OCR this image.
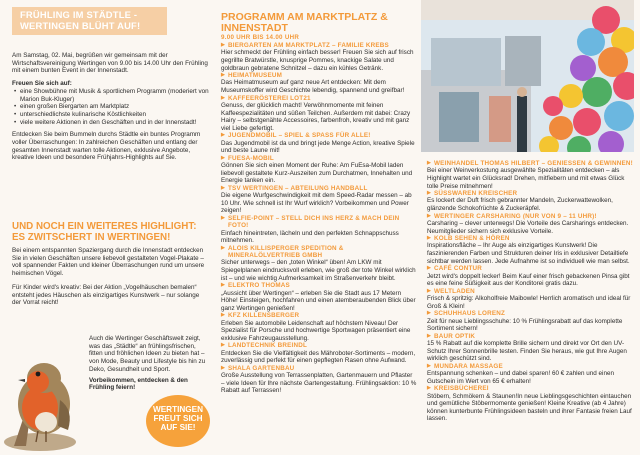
FRÜHLING IM STÄDTLE -
WERTINGEN BLÜHT AUF!
Am Samstag, 02. Mai, begrüßen wir gemeinsam mit der Wirtschaftsvereinigung Wertingen von 9.00 bis 14.00 Uhr den Frühling mit einem bunten Event in der Innenstadt.
Freuen Sie sich auf:
• eine Showbühne mit Musik & sportlichem Programm (moderiert von Marion Buk-Kluger)
• einen großen Biergarten am Marktplatz
• unterschiedlichste kulinarische Köstlichkeiten
• viele weitere Aktionen in den Geschäften und in der Innenstadt!
Entdecken Sie beim Bummeln durchs Städtle ein buntes Programm voller Überraschungen: In zahlreichen Geschäften und entlang der gesamten Innenstadt warten tolle Aktionen, exklusive Angebote, kreative Ideen und besondere Frühjahrs-Highlights auf Sie.
UND NOCH EIN WEITERES HIGHLIGHT:
ES ZWITSCHERT IN WERTINGEN!
Bei einem entspannten Spaziergang durch die Innenstadt entdecken Sie in vielen Geschäften unsere liebevoll gestalteten Vogel-Plakate – voll spannender Fakten und kleiner Überraschungen rund um unsere heimischen Vögel.
Für Kinder wird's kreativ: Bei der Aktion „Vogelhäuschen bemalen“ entsteht jedes Häuschen als einzigartiges Kunstwerk – nur solange der Vorrat reicht!
Auch die Wertinger Geschäftswelt zeigt, was das „Städtle“ an frühlingsfrischen, fitten und fröhlichen Ideen zu bieten hat – von Mode, Beauty und Lifestyle bis hin zu Deko, Gesundheit und Sport.
Vorbeikommen, entdecken & den Frühling feiern!
WERTINGEN
FREUT SICH
AUF SIE!
PROGRAMM AM MARKTPLATZ & INNENSTADT
9.00 UHR BIS 14.00 UHR
▶ BIERGARTEN AM MARKTPLATZ – FAMILIE KREBS
Hier schmeckt der Frühling einfach besser! Freuen Sie sich auf frisch gegrillte Bratwürstle, knusprige Pommes, knackige Salate und goldbraun gebratene Schnitzel – dazu ein kühles Getränk.
▶ HEIMATMUSEUM
Das Heimatmuseum auf ganz neue Art entdecken: Mit dem Museumskoffer wird Geschichte lebendig, spannend und greifbar!
▶ KAFFEERÖSTEREI LOT21
Genuss, der glücklich macht! Verwöhnmomente mit feinen Kaffeespezialitäten und süßen Teilchen. Außerdem mit dabei: Crazy Hairy – selbstgenähte Accessoires, farbenfroh, kreativ und mit ganz viel Liebe gefertigt.
▶ JUGENDMOBIL – SPIEL & SPASS FÜR ALLE!
Das Jugendmobil ist da und bringt jede Menge Action, kreative Spiele und beste Laune mit!
▶ FUESA-MOBIL
Gönnen Sie sich einen Moment der Ruhe: Am FuEsa-Mobil laden liebevoll gestaltete Kurz-Auszeiten zum Durchatmen, Innehalten und Energie tanken ein.
▶ TSV WERTINGEN – ABTEILUNG HANDBALL
Die eigene Wurfgeschwindigkeit mit dem Speed-Radar messen – ab 10 Uhr. Wie schnell ist Ihr Wurf wirklich? Vorbeikommen und Power zeigen!
▶ SELFIE-POINT – STELL DICH INS HERZ & MACH DEIN FOTO!
Einfach hineintreten, lächeln und den perfekten Schnappschuss mitnehmen.
▶ ALOIS KILLISPERGER SPEDITION & MINERALÖLVERTRIEB GMBH
Sicher unterwegs – den „toten Winkel“ üben! Am LKW mit Spiegelplanen eindrucksvoll erleben, wie groß der tote Winkel wirklich ist – und wie wichtig Aufmerksamkeit im Straßenverkehr bleibt.
▶ ELEKTRO THOMAS
„Aussicht über Wertingen“ – erleben Sie die Stadt aus 17 Metern Höhe! Einsteigen, hochfahren und einen atemberaubenden Blick über ganz Wertingen genießen!
▶ KFZ KILLENSBERGER
Erleben Sie automobile Leidenschaft auf höchstem Niveau! Der Spezialist für Porsche und hochwertige Sportwagen präsentiert eine exklusive Fahrzeugausstellung.
▶ LANDTECHNIK BREINDL
Entdecken Sie die Vielfältigkeit des Mähroboter-Sortiments – modern, zuverlässig und perfekt für einen gepflegten Rasen ohne Aufwand.
▶ SHALA GARTENBAU
Große Ausstellung von Terrassenplatten, Gartenmauern und Pflaster – viele Ideen für Ihre nächste Gartengestaltung. Frühlingsaktion: 10 % Rabatt auf Terrassen!
▶ WEINHANDEL THOMAS HILBERT – GENIESSEN & GEWINNEN!
Bei einer Weinverkostung ausgewählte Spezialitäten entdecken – als Highlight wartet ein Glücksrad! Drehen, mitfiebern und mit etwas Glück tolle Preise mitnehmen!
▶ SÜSSWAREN KREISCHER
Es lockert der Duft frisch gebrannter Mandeln, Zuckerwattewolken, glänzende Schokofrüchte & Zuckeräpfel.
▶ WERTINGER CARSHARING (NUR VON 9 – 11 UHR)!
Carsharing – clever unterwegs! Die Vorteile des Carsharings entdecken. Neumitglieder sichern sich exklusive Vorteile.
▶ KOLB SEHEN & HÖREN
Inspirationsfläche – Ihr Auge als einzigartiges Kunstwerk! Die faszinierenden Farben und Strukturen deiner Iris in exklusiver Detailtiefe sichtbar werden lassen. Jede Aufnahme ist so individuell wie man selbst.
▶ CAFÉ CONTUR
Jetzt wird's doppelt lecker! Beim Kauf einer frisch gebackenen Pinsa gibt es eine feine Süßigkeit aus der Konditorei gratis dazu.
▶ WELTLADEN
Frisch & spritzig: Alkoholfreie Maibowle! Herrlich aromatisch und ideal für Groß & Klein!
▶ SCHUHHAUS LORENZ
Zeit für neue Lieblingsschuhe: 10 % Frühlingsrabatt auf das komplette Sortiment sichern!
▶ BAUR OPTIK
15 % Rabatt auf die komplette Brille sichern und direkt vor Ort den UV-Schutz Ihrer Sonnenbrille testen. Finden Sie heraus, wie gut Ihre Augen wirklich geschützt sind.
▶ MUNDARA MASSAGE
Entspannung schenken – und dabei sparen! 60 € zahlen und einen Gutschein im Wert von 65 € erhalten!
▶ KREISBÜCHEREI
Stöbern, Schmökern & Staunen!In neue Lieblingsgeschichten eintauchen und gemütliche Stöbermomente genießen! Kleine Kreative (ab 4 Jahre) können kunterbunte Frühlingsideen basteln und ihrer Fantasie freien Lauf lassen.
